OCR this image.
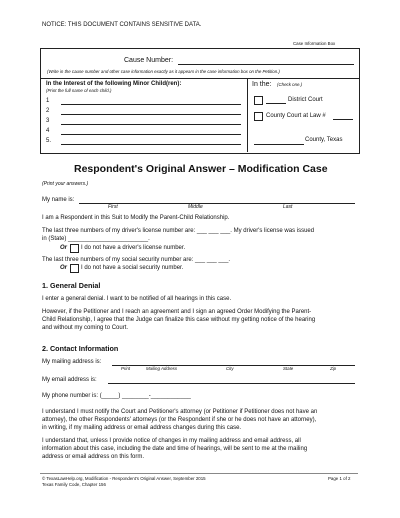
NOTICE: THIS DOCUMENT CONTAINS SENSITIVE DATA.
Case Information Box
Cause Number:
(Write in the cause number and other case information exactly as it appears in the case information box on the Petition.)
In the Interest of the following Minor Child(ren):
(Print the full name of each child.)
1
2
3
4
5.
In the: (Check one.)
District Court
County Court at Law #
County, Texas
Respondent's Original Answer – Modification Case
(Print your answers.)
My name is:
First	Middle	Last
I am a Respondent in this Suit to Modify the Parent-Child Relationship.
The last three numbers of my driver's license number are: ___ ___ ___. My driver's license was issued
in (State) ________________________.
Or I do not have a driver's license number.
The last three numbers of my social security number are: ___ ___ ___.
Or I do not have a social security number.
1. General Denial
I enter a general denial. I want to be notified of all hearings in this case.
However, if the Petitioner and I reach an agreement and I sign an agreed Order Modifying the Parent-
Child Relationship, I agree that the Judge can finalize this case without my getting notice of the hearing
and without my coming to Court.
2. Contact Information
My mailing address is:
Print	Mailing Address	City	State	Zip
My email address is:
My phone number is: (_____) ________-____________
I understand I must notify the Court and Petitioner's attorney (or Petitioner if Petitioner does not have an
attorney), the other Respondents' attorneys (or the Respondent if she or he does not have an attorney),
in writing, if my mailing address or email address changes during this case.
I understand that, unless I provide notice of changes in my mailing address and email address, all
information about this case, including the date and time of hearings, will be sent to me at the mailing
address or email address on this form.
© TexasLawHelp.org, Modification - Respondent's Original Answer, September 2015
Texas Family Code, Chapter 156
Page 1 of 2
